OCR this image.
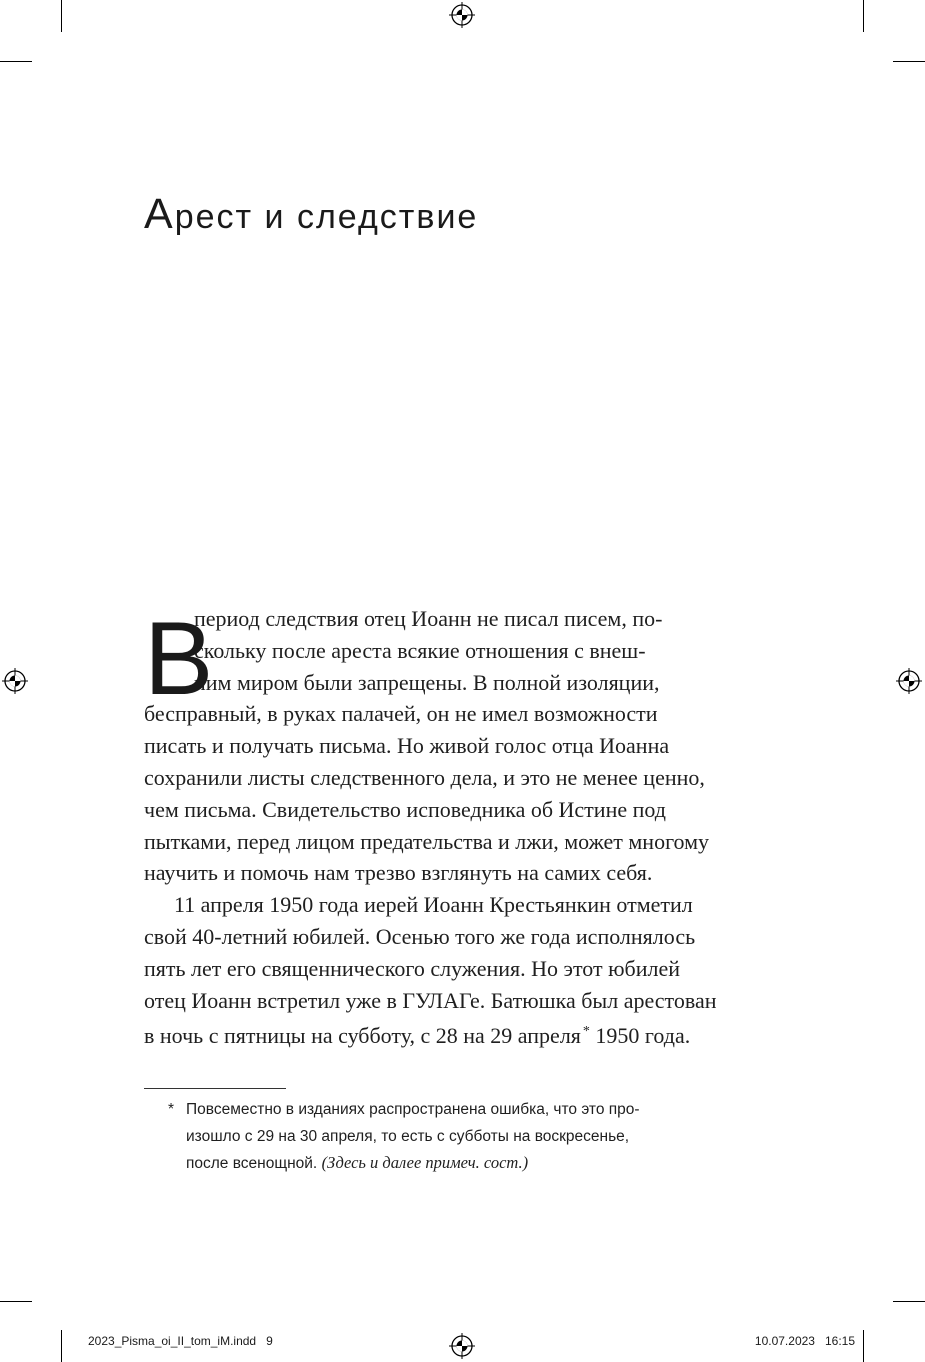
Арест и следствие
В
период следствия отец Иоанн не писал писем, по-
скольку после ареста всякие отношения с внеш-
ним миром были запрещены. В полной изоляции,
бесправный, в руках палачей, он не имел возможности
писать и получать письма. Но живой голос отца Иоанна
сохранили листы следственного дела, и это не менее ценно,
чем письма. Свидетельство исповедника об Истине под
пытками, перед лицом предательства и лжи, может многому
научить и помочь нам трезво взглянуть на самих себя.
11 апреля 1950 года иерей Иоанн Крестьянкин отметил
свой 40-летний юбилей. Осенью того же года исполнялось
пять лет его священнического служения. Но этот юбилей
отец Иоанн встретил уже в ГУЛАГе. Батюшка был арестован
в ночь с пятницы на субботу, с 28 на 29 апреля * 1950 года.
* Повсеместно в изданиях распространена ошибка, что это про-
изошло с 29 на 30 апреля, то есть с субботы на воскресенье,
после всенощной. (Здесь и далее примеч. сост.)
2023_Pisma_oi_II_tom_iM.indd   9	10.07.2023   16:15
